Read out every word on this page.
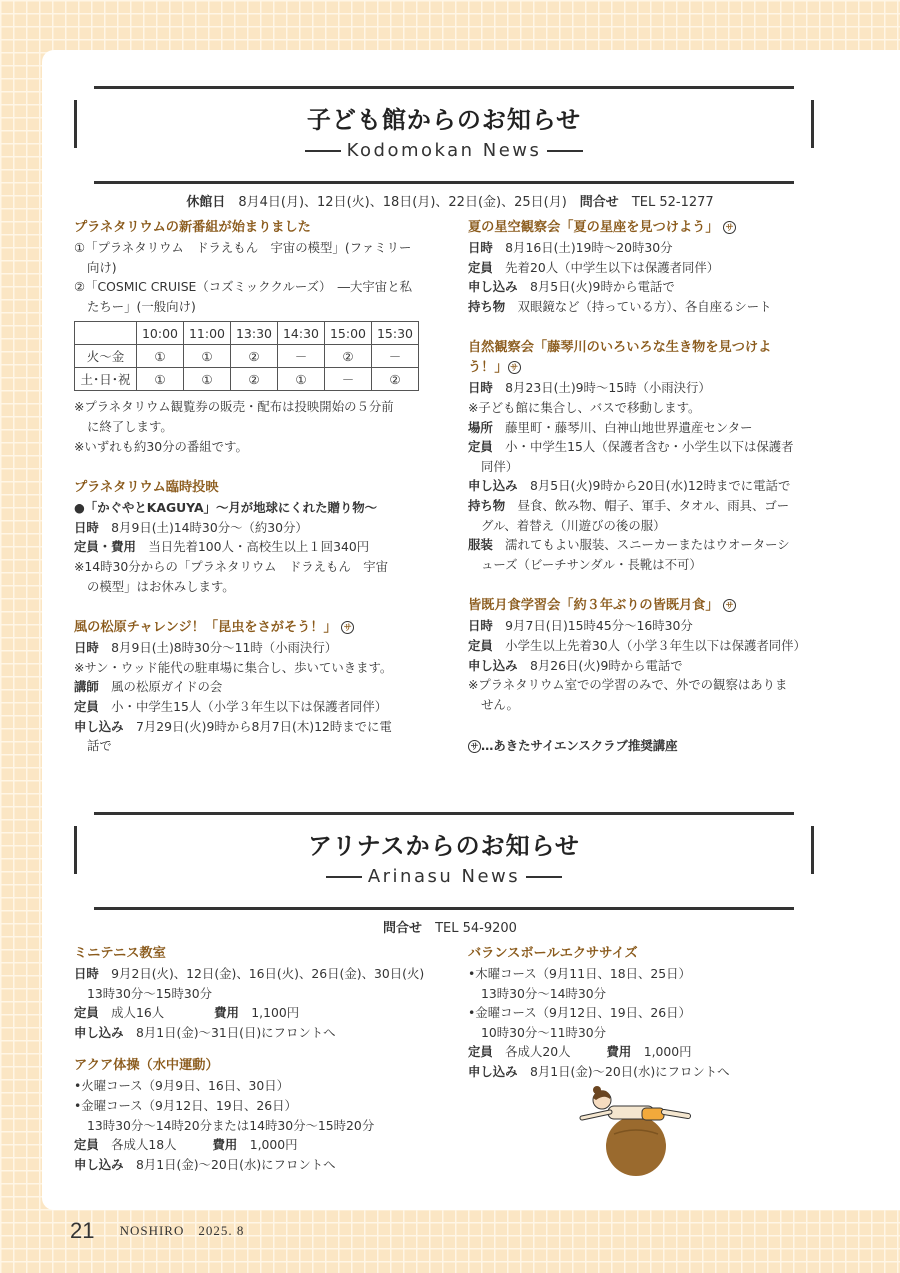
子ども館からのお知らせ
Kodomokan News
休館日　 8月4日(月)、12日(火)、18日(月)、22日(金)、25日(月)　 問合せ　 TEL 52-1277
プラネタリウムの新番組が始まりました
①「プラネタリウム　ドラえもん　宇宙の模型」(ファミリー
向け)
②「COSMIC CRUISE（コズミッククルーズ）　―大宇宙と私
たちー」(一般向け)
	10:00	11:00	13:30	14:30	15:00	15:30
火～金	①	①	②	－	②	－
土･日･祝	①	①	②	①	－	②
※プラネタリウム観覧券の販売・配布は投映開始の５分前
に終了します。
※いずれも約30分の番組です。
プラネタリウム臨時投映
●「かぐやとKAGUYA」～月が地球にくれた贈り物～
日時　 8月9日(土)14時30分～（約30分）
定員・費用　 当日先着100人・高校生以上１回340円
※14時30分からの「プラネタリウム　ドラえもん　宇宙
の模型」はお休みします。
風の松原チャレンジ！「昆虫をさがそう！」 サ
日時　 8月9日(土)8時30分～11時（小雨決行）
※サン・ウッド能代の駐車場に集合し、歩いていきます。
講師　 風の松原ガイドの会
定員　 小・中学生15人（小学３年生以下は保護者同伴）
申し込み　 7月29日(火)9時から8月7日(木)12時までに電
話で
夏の星空観察会「夏の星座を見つけよう」 サ
日時　 8月16日(土)19時～20時30分
定員　 先着20人（中学生以下は保護者同伴）
申し込み　 8月5日(火)9時から電話で
持ち物　 双眼鏡など（持っている方）、各自座るシート
自然観察会「藤琴川のいろいろな生き物を見つけよ
う！」 サ
日時　 8月23日(土)9時～15時（小雨決行）
※子ども館に集合し、バスで移動します。
場所　 藤里町・藤琴川、白神山地世界遺産センター
定員　 小・中学生15人（保護者含む・小学生以下は保護者
同伴）
申し込み　 8月5日(火)9時から20日(水)12時までに電話で
持ち物　 昼食、飲み物、帽子、軍手、タオル、雨具、ゴー
グル、着替え（川遊びの後の服）
服装　 濡れてもよい服装、スニーカーまたはウオーターシ
ューズ（ビーチサンダル・長靴は不可）
皆既月食学習会「約３年ぶりの皆既月食」 サ
日時　 9月7日(日)15時45分～16時30分
定員　 小学生以上先着30人（小学３年生以下は保護者同伴）
申し込み　 8月26日(火)9時から電話で
※プラネタリウム室での学習のみで、外での観察はありま
せん。
サ …あきたサイエンスクラブ推奨講座
アリナスからのお知らせ
Arinasu News
問合せ　 TEL 54-9200
ミニテニス教室
日時　 9月2日(火)、12日(金)、16日(火)、26日(金)、30日(火)
13時30分～15時30分
定員　 成人16人	費用　 1,100円
申し込み　 8月1日(金)～31日(日)にフロントへ
アクア体操（水中運動）
•火曜コース（9月9日、16日、30日）
•金曜コース（9月12日、19日、26日）
13時30分～14時20分または14時30分～15時20分
定員　 各成人18人	費用　 1,000円
申し込み　 8月1日(金)～20日(水)にフロントへ
バランスボールエクササイズ
•木曜コース（9月11日、18日、25日）
13時30分～14時30分
•金曜コース（9月12日、19日、26日）
10時30分～11時30分
定員　 各成人20人	費用　 1,000円
申し込み　 8月1日(金)～20日(水)にフロントへ
21 NOSHIRO　2025. 8
